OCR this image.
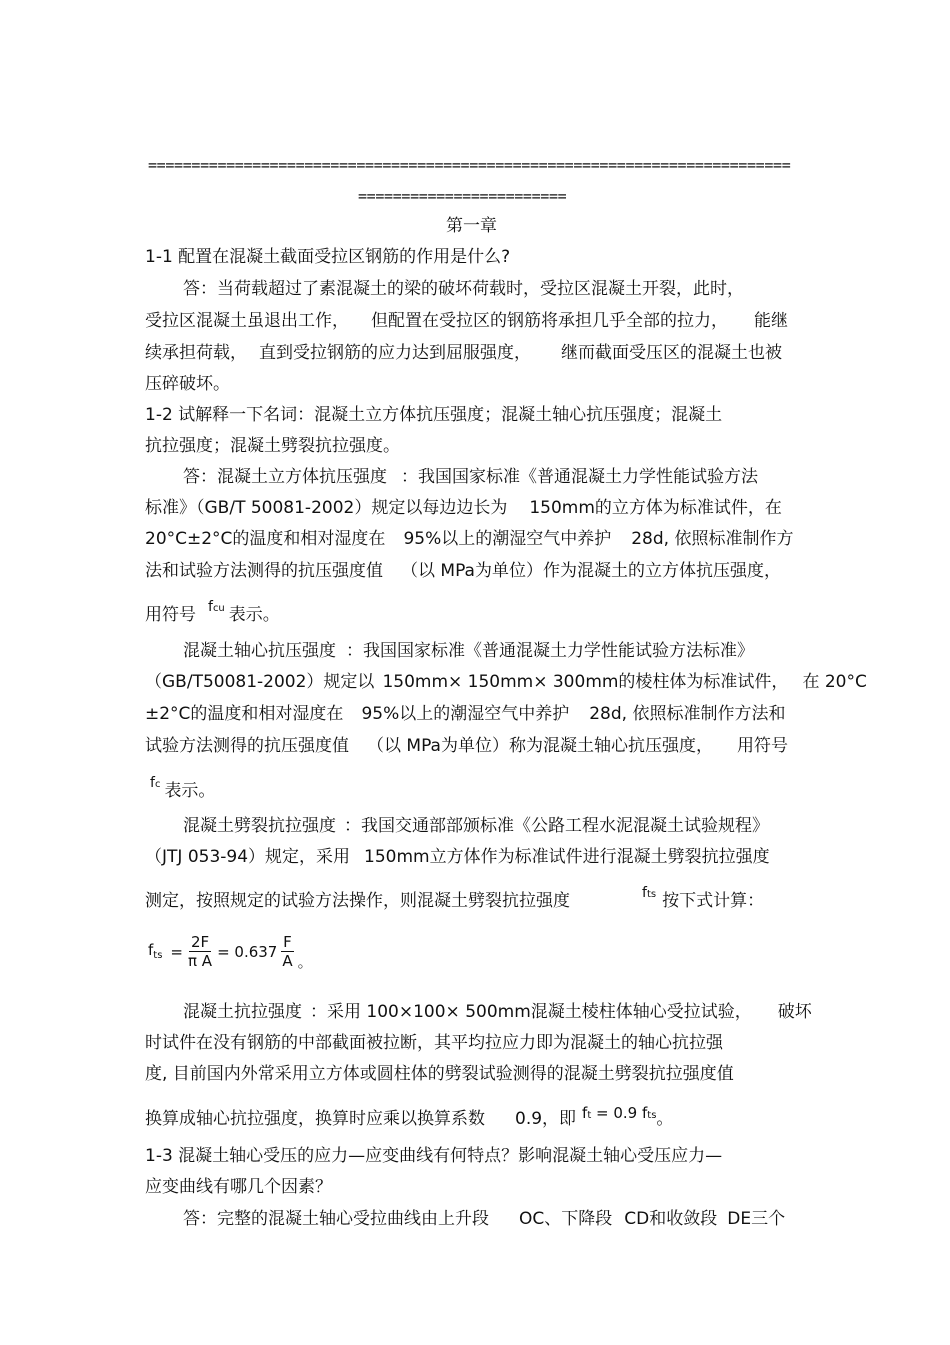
==========================================================================
========================
第一章
1-1 配置在混凝土截面受拉区钢筋的作用是什么?
答：当荷载超过了素混凝土的梁的破坏荷载时，受拉区混凝土开裂，此时，
受拉区混凝土虽退出工作， 但配置在受拉区的钢筋将承担几乎全部的拉力， 能继
续承担荷载， 直到受拉钢筋的应力达到屈服强度， 继而截面受压区的混凝土也被
压碎破坏。
1-2 试解释一下名词：混凝土立方体抗压强度；混凝土轴心抗压强度；混凝土
抗拉强度；混凝土劈裂抗拉强度。
答：混凝土立方体抗压强度 ：我国国家标准《普通混凝土力学性能试验方法
标准》（GB/T 50081-2002）规定以每边边长为 150mm的立方体为标准试件，在
20°C±2°C的温度和相对湿度在 95%以上的潮湿空气中养护 28d, 依照标准制作方
法和试验方法测得的抗压强度值 （以 MPa为单位）作为混凝土的立方体抗压强度，
用符号 $^{fcu}$ 表示。
混凝土轴心抗压强度 ：我国国家标准《普通混凝土力学性能试验方法标准》
（GB/T50081-2002）规定以 150mm× 150mm× 300mm的棱柱体为标准试件， 在 20°C
±2°C的温度和相对湿度在 95%以上的潮湿空气中养护 28d, 依照标准制作方法和
试验方法测得的抗压强度值 （以 MPa为单位）称为混凝土轴心抗压强度， 用符号
$^{fc}$ 表示。
混凝土劈裂抗拉强度 ：我国交通部部颁标准《公路工程水泥混凝土试验规程》
（JTJ 053-94）规定，采用 150mm立方体作为标准试件进行混凝土劈裂抗拉强度
测定，按照规定的试验方法操作，则混凝土劈裂抗拉强度	$^{fts}$ 按下式计算：
$f_{ts} = \frac{2F}{\text{π A}} = 0.637 \frac{F}{A}$ 。
混凝土抗拉强度 ：采用 100×100× 500mm混凝土棱柱体轴心受拉试验， 破坏
时试件在没有钢筋的中部截面被拉断，其平均拉应力即为混凝土的轴心抗拉强
度, 目前国内外常采用立方体或圆柱体的劈裂试验测得的混凝土劈裂抗拉强度值
换算成轴心抗拉强度，换算时应乘以换算系数 0.9，即 ft = 0.9 fts。
1-3 混凝土轴心受压的应力—应变曲线有何特点？影响混凝土轴心受压应力—
应变曲线有哪几个因素？
答：完整的混凝土轴心受拉曲线由上升段 OC、下降段 CD和收敛段 DE三个
